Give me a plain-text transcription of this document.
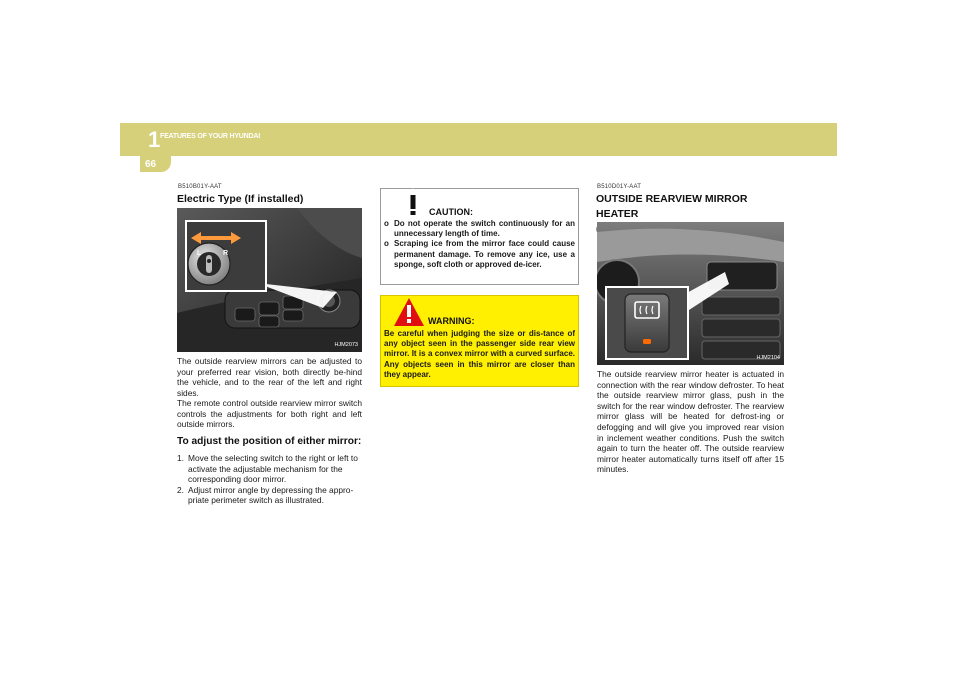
1 FEATURES OF YOUR HYUNDAI
66
B510B01Y-AAT
Electric Type (If installed)
L	R
HJM2073

The outside rearview mirrors can be adjusted to your preferred rear vision, both directly be-hind the vehicle, and to the rear of the left and right sides.

The remote control outside rearview mirror switch controls the adjustments for both right and left outside mirrors.

To adjust the position of either mirror:
1. Move the selecting switch to the right or left to activate the adjustable mechanism for the corresponding door mirror.
2. Adjust mirror angle by depressing the appro-priate perimeter switch as illustrated.
CAUTION:
o Do not operate the switch continuously for an unnecessary length of time.
o Scraping ice from the mirror face could cause permanent damage. To remove any ice, use a sponge, soft cloth or approved de-icer.
WARNING:

Be careful when judging the size or dis-tance of any object seen in the passenger side rear view mirror. It is a convex mirror with a curved surface. Any objects seen in this mirror are closer than they appear.

B510D01Y-AAT
OUTSIDE REARVIEW MIRROR HEATER
HJM2104

The outside rearview mirror heater is actuated in connection with the rear window defroster. To heat the outside rearview mirror glass, push in the switch for the rear window defroster. The rearview mirror glass will be heated for defrost-ing or defogging and will give you improved rear vision in inclement weather conditions. Push the switch again to turn the heater off. The outside rearview mirror heater automatically turns itself off after 15 minutes.
